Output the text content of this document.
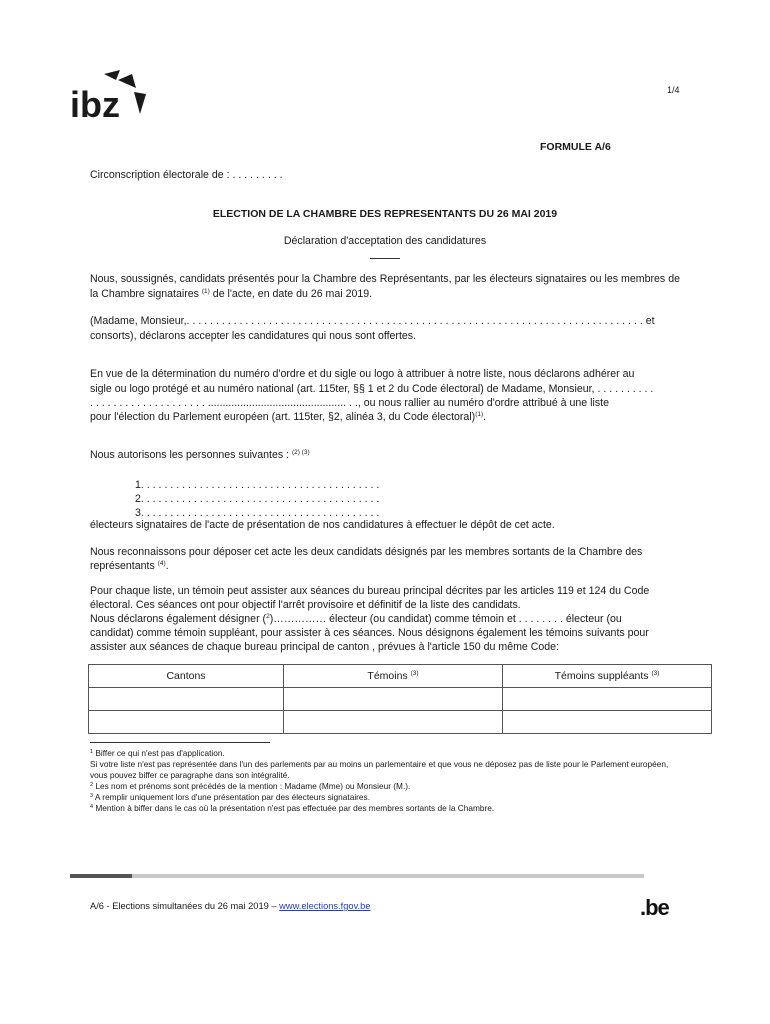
ibz	1/4
FORMULE A/6
Circonscription électorale de : . . . . . . . . .
ELECTION DE LA CHAMBRE DES REPRESENTANTS DU 26 MAI 2019
Déclaration d'acceptation des candidatures
Nous, soussignés, candidats présentés pour la Chambre des Représentants, par les électeurs signataires ou les membres de la Chambre signataires $^{(1)}$ de l'acte, en date du 26 mai 2019.
(Madame, Monsieur,. . . . . . . . . . . . . . . . . . . . . . . . . . . . . . . . . . . . . . . . . . . . . . . . . . . . . . . . . . . . . . . . . . . . . . . . . . . . . . et
consorts), déclarons accepter les candidatures qui nous sont offertes.
En vue de la détermination du numéro d'ordre et du sigle ou logo à attribuer à notre liste, nous déclarons adhérer au
sigle ou logo protégé et au numéro national (art. 115ter, §§ 1 et 2 du Code électoral) de Madame, Monsieur, . . . . . . . . . .
. . . . . . . . . . . . . . . . . . . . ............................................... . ., ou nous rallier au numéro d'ordre attribué à une liste
pour l'élection du Parlement européen (art. 115ter, §2, alinéa 3, du Code électoral)$^{(1)}$.
Nous autorisons les personnes suivantes : $^{(2) (3)}$
1. . . . . . . . . . . . . . . . . . . . . . . . . . . . . . . . . . . . . . . . .
2. . . . . . . . . . . . . . . . . . . . . . . . . . . . . . . . . . . . . . . . .
3. . . . . . . . . . . . . . . . . . . . . . . . . . . . . . . . . . . . . . . . .
électeurs signataires de l'acte de présentation de nos candidatures à effectuer le dépôt de cet acte.
Nous reconnaissons pour déposer cet acte les deux candidats désignés par les membres sortants de la Chambre des
représentants $^{(4)}$.
Pour chaque liste, un témoin peut assister aux séances du bureau principal décrites par les articles 119 et 124 du Code
électoral. Ces séances ont pour objectif l'arrêt provisoire et définitif de la liste des candidats.
Nous déclarons également désigner ($^2$)…………… électeur (ou candidat) comme témoin et . . . . . . . . électeur (ou
candidat) comme témoin suppléant, pour assister à ces séances. Nous désignons également les témoins suivants pour
assister aux séances de chaque bureau principal de canton , prévues à l'article 150 du même Code:
Cantons	Témoins $^{(3)}$	Témoins suppléants $^{(3)}$

$^1$ Biffer ce qui n'est pas d'application.
Si votre liste n'est pas représentée dans l'un des parlements par au moins un parlementaire et que vous ne déposez pas de liste pour le Parlement européen, vous pouvez biffer ce paragraphe dans son intégralité.
$^2$ Les nom et prénoms sont précédés de la mention : Madame (Mme) ou Monsieur (M.).
$^3$ A remplir uniquement lors d'une présentation par des électeurs signataires.
$^4$ Mention à biffer dans le cas où la présentation n'est pas effectuée par des membres sortants de la Chambre.
A/6 - Elections simultanées du 26 mai 2019 – www.elections.fgov.be	.be
